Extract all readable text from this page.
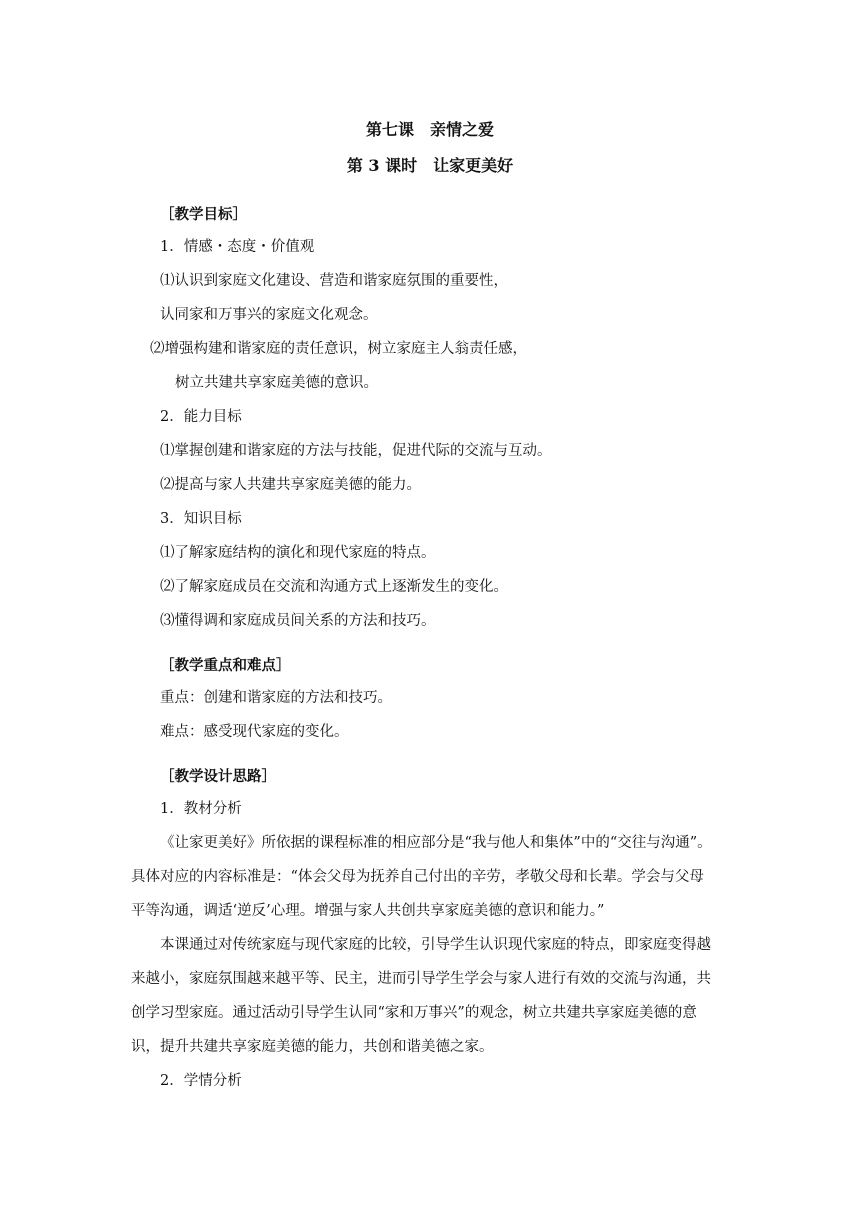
第七课　亲情之爱
第 3 课时　让家更美好
［教学目标］
1．情感・态度・价值观
⑴认识到家庭文化建设、营造和谐家庭氛围的重要性，
认同家和万事兴的家庭文化观念。
⑵增强构建和谐家庭的责任意识，树立家庭主人翁责任感，
树立共建共享家庭美德的意识。
2．能力目标
⑴掌握创建和谐家庭的方法与技能，促进代际的交流与互动。
⑵提高与家人共建共享家庭美德的能力。
3．知识目标
⑴了解家庭结构的演化和现代家庭的特点。
⑵了解家庭成员在交流和沟通方式上逐渐发生的变化。
⑶懂得调和家庭成员间关系的方法和技巧。
［教学重点和难点］
重点：创建和谐家庭的方法和技巧。
难点：感受现代家庭的变化。
［教学设计思路］
1．教材分析
《让家更美好》所依据的课程标准的相应部分是“我与他人和集体”中的“交往与沟通”。
具体对应的内容标准是：“体会父母为抚养自己付出的辛劳，孝敬父母和长辈。学会与父母
平等沟通，调适‘逆反’心理。增强与家人共创共享家庭美德的意识和能力。”
本课通过对传统家庭与现代家庭的比较，引导学生认识现代家庭的特点，即家庭变得越
来越小，家庭氛围越来越平等、民主，进而引导学生学会与家人进行有效的交流与沟通，共
创学习型家庭。通过活动引导学生认同“家和万事兴”的观念，树立共建共享家庭美德的意
识，提升共建共享家庭美德的能力，共创和谐美德之家。
2．学情分析
